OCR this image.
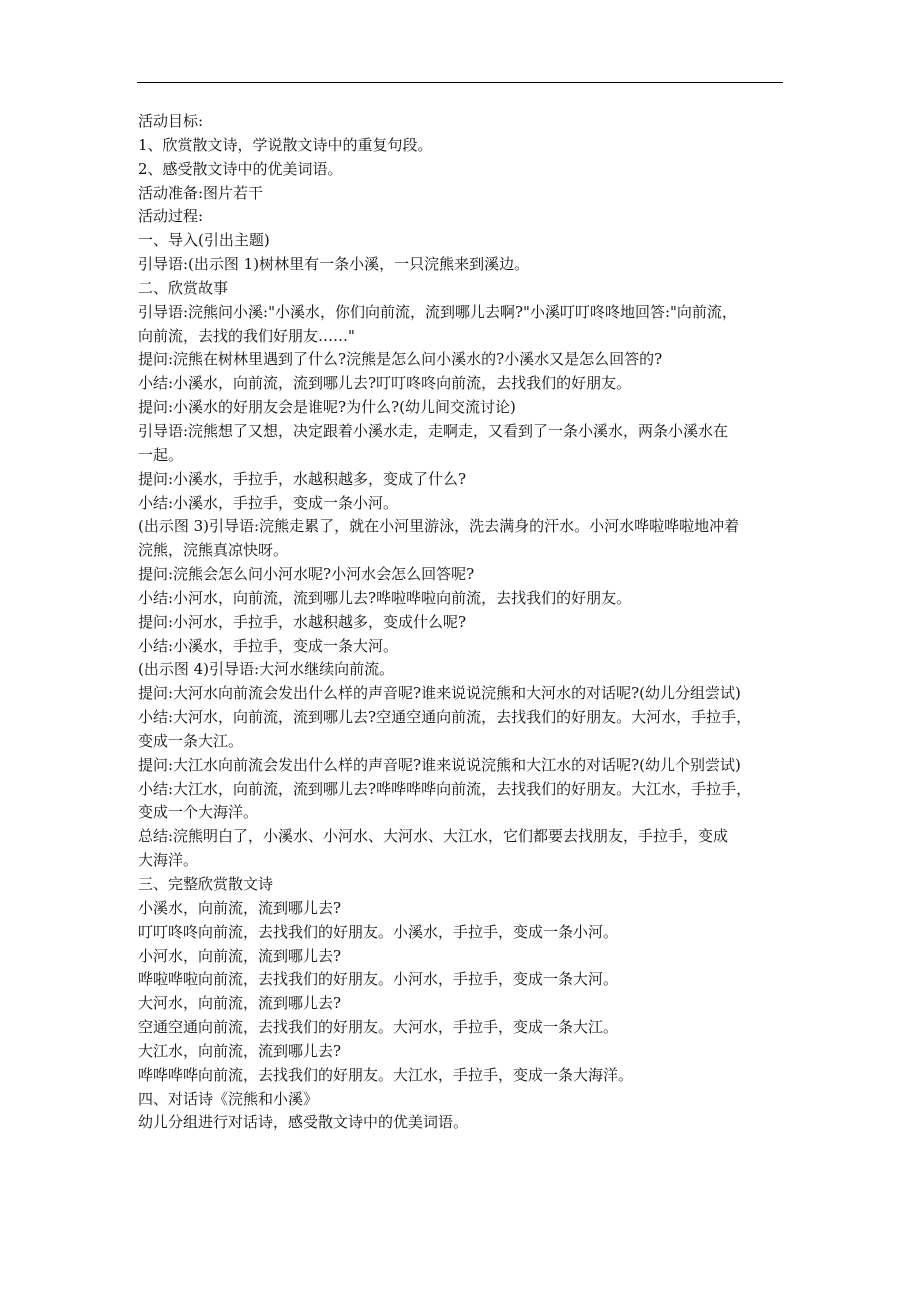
活动目标:

1、欣赏散文诗，学说散文诗中的重复句段。

2、感受散文诗中的优美词语。

活动准备:图片若干

活动过程:

一、导入(引出主题)

引导语:(出示图 1)树林里有一条小溪，一只浣熊来到溪边。

二、欣赏故事

引导语:浣熊问小溪:"小溪水，你们向前流，流到哪儿去啊?"小溪叮叮咚咚地回答:"向前流，

向前流，去找的我们好朋友……"

提问:浣熊在树林里遇到了什么?浣熊是怎么问小溪水的?小溪水又是怎么回答的?

小结:小溪水，向前流，流到哪儿去?叮叮咚咚向前流，去找我们的好朋友。

提问:小溪水的好朋友会是谁呢?为什么?(幼儿间交流讨论)

引导语:浣熊想了又想，决定跟着小溪水走，走啊走，又看到了一条小溪水，两条小溪水在

一起。

提问:小溪水，手拉手，水越积越多，变成了什么?

小结:小溪水，手拉手，变成一条小河。

(出示图 3)引导语:浣熊走累了，就在小河里游泳，洗去满身的汗水。小河水哗啦哗啦地冲着

浣熊，浣熊真凉快呀。

提问:浣熊会怎么问小河水呢?小河水会怎么回答呢?

小结:小河水，向前流，流到哪儿去?哗啦哗啦向前流，去找我们的好朋友。

提问:小河水，手拉手，水越积越多，变成什么呢?

小结:小溪水，手拉手，变成一条大河。

(出示图 4)引导语:大河水继续向前流。

提问:大河水向前流会发出什么样的声音呢?谁来说说浣熊和大河水的对话呢?(幼儿分组尝试)

小结:大河水，向前流，流到哪儿去?空通空通向前流，去找我们的好朋友。大河水，手拉手，

变成一条大江。

提问:大江水向前流会发出什么样的声音呢?谁来说说浣熊和大江水的对话呢?(幼儿个别尝试)

小结:大江水，向前流，流到哪儿去?哗哗哗哗向前流，去找我们的好朋友。大江水，手拉手，

变成一个大海洋。

总结:浣熊明白了，小溪水、小河水、大河水、大江水，它们都要去找朋友，手拉手，变成

大海洋。

三、完整欣赏散文诗

小溪水，向前流，流到哪儿去?

叮叮咚咚向前流，去找我们的好朋友。小溪水，手拉手，变成一条小河。

小河水，向前流，流到哪儿去?

哗啦哗啦向前流，去找我们的好朋友。小河水，手拉手，变成一条大河。

大河水，向前流，流到哪儿去?

空通空通向前流，去找我们的好朋友。大河水，手拉手，变成一条大江。

大江水，向前流，流到哪儿去?

哗哗哗哗向前流，去找我们的好朋友。大江水，手拉手，变成一条大海洋。

四、对话诗《浣熊和小溪》

幼儿分组进行对话诗，感受散文诗中的优美词语。
